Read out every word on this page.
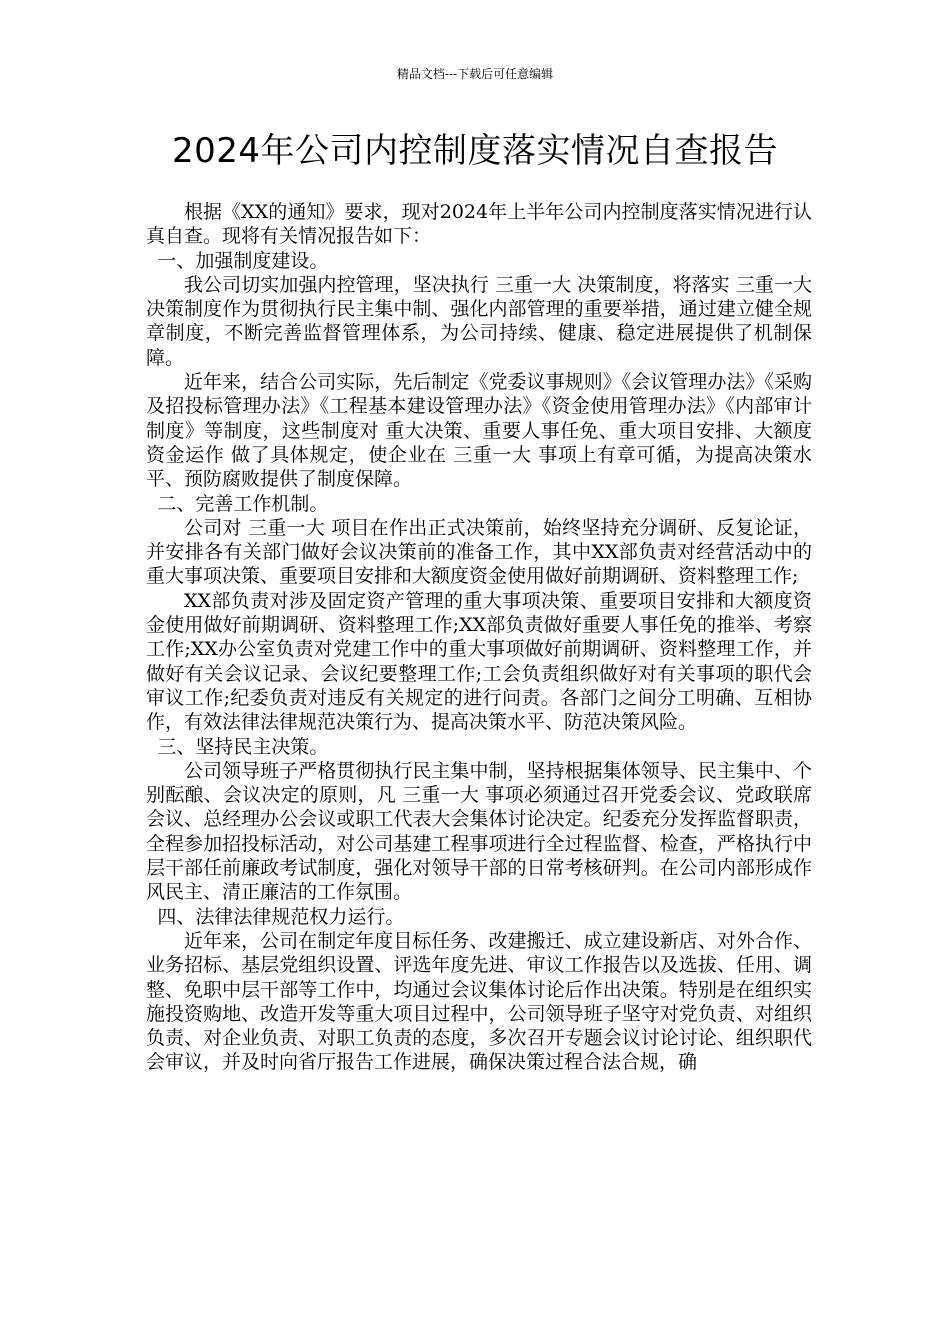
精品文档---下载后可任意编辑
2024年公司内控制度落实情况自查报告

根据《XX的通知》要求，现对2024年上半年公司内控制度落实情况进行认真自查。现将有关情况报告如下：

一、加强制度建设。

我公司切实加强内控管理，坚决执行 三重一大 决策制度，将落实 三重一大 决策制度作为贯彻执行民主集中制、强化内部管理的重要举措，通过建立健全规章制度，不断完善监督管理体系，为公司持续、健康、稳定进展提供了机制保障。

近年来，结合公司实际，先后制定《党委议事规则》《会议管理办法》《采购及招投标管理办法》《工程基本建设管理办法》《资金使用管理办法》《内部审计制度》等制度，这些制度对 重大决策、重要人事任免、重大项目安排、大额度资金运作 做了具体规定，使企业在 三重一大 事项上有章可循，为提高决策水平、预防腐败提供了制度保障。

二、完善工作机制。

公司对 三重一大 项目在作出正式决策前，始终坚持充分调研、反复论证，并安排各有关部门做好会议决策前的准备工作，其中XX部负责对经营活动中的重大事项决策、重要项目安排和大额度资金使用做好前期调研、资料整理工作;

XX部负责对涉及固定资产管理的重大事项决策、重要项目安排和大额度资金使用做好前期调研、资料整理工作;XX部负责做好重要人事任免的推举、考察工作;XX办公室负责对党建工作中的重大事项做好前期调研、资料整理工作，并做好有关会议记录、会议纪要整理工作;工会负责组织做好对有关事项的职代会审议工作;纪委负责对违反有关规定的进行问责。各部门之间分工明确、互相协作，有效法律法律规范决策行为、提高决策水平、防范决策风险。

三、坚持民主决策。

公司领导班子严格贯彻执行民主集中制，坚持根据集体领导、民主集中、个别酝酿、会议决定的原则，凡 三重一大 事项必须通过召开党委会议、党政联席会议、总经理办公会议或职工代表大会集体讨论决定。纪委充分发挥监督职责，全程参加招投标活动，对公司基建工程事项进行全过程监督、检查，严格执行中层干部任前廉政考试制度，强化对领导干部的日常考核研判。在公司内部形成作风民主、清正廉洁的工作氛围。

四、法律法律规范权力运行。

近年来，公司在制定年度目标任务、改建搬迁、成立建设新店、对外合作、业务招标、基层党组织设置、评选年度先进、审议工作报告以及选拔、任用、调整、免职中层干部等工作中，均通过会议集体讨论后作出决策。特别是在组织实施投资购地、改造开发等重大项目过程中，公司领导班子坚守对党负责、对组织负责、对企业负责、对职工负责的态度，多次召开专题会议讨论讨论、组织职代会审议，并及时向省厅报告工作进展，确保决策过程合法合规，确
